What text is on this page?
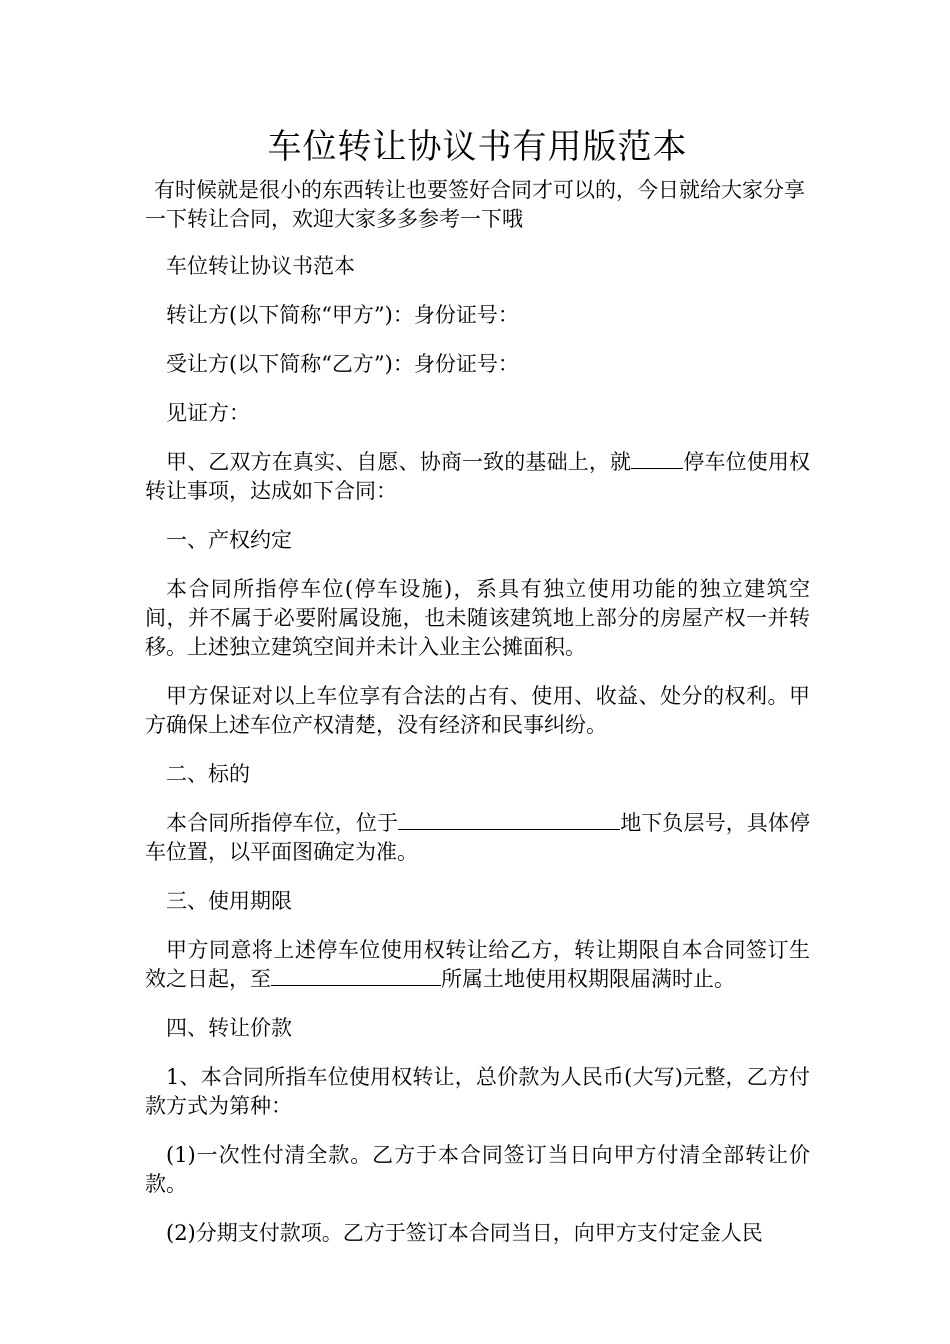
车位转让协议书有用版范本

有时候就是很小的东西转让也要签好合同才可以的，今日就给大家分享一下转让合同，欢迎大家多多参考一下哦

车位转让协议书范本

转让方(以下简称“甲方”)：身份证号：

受让方(以下简称“乙方”)：身份证号：

见证方：

甲、乙双方在真实、自愿、协商一致的基础上，就 停车位使用权转让事项，达成如下合同：

一、产权约定

本合同所指停车位(停车设施)，系具有独立使用功能的独立建筑空间，并不属于必要附属设施，也未随该建筑地上部分的房屋产权一并转移。上述独立建筑空间并未计入业主公摊面积。

甲方保证对以上车位享有合法的占有、使用、收益、处分的权利。甲方确保上述车位产权清楚，没有经济和民事纠纷。

二、标的

本合同所指停车位，位于	地下负层号，具体停车位置，以平面图确定为准。

三、使用期限

甲方同意将上述停车位使用权转让给乙方，转让期限自本合同签订生效之日起，至	所属土地使用权期限届满时止。

四、转让价款

1、本合同所指车位使用权转让，总价款为人民币(大写)元整，乙方付款方式为第种：

(1)一次性付清全款。乙方于本合同签订当日向甲方付清全部转让价款。

(2)分期支付款项。乙方于签订本合同当日，向甲方支付定金人民
